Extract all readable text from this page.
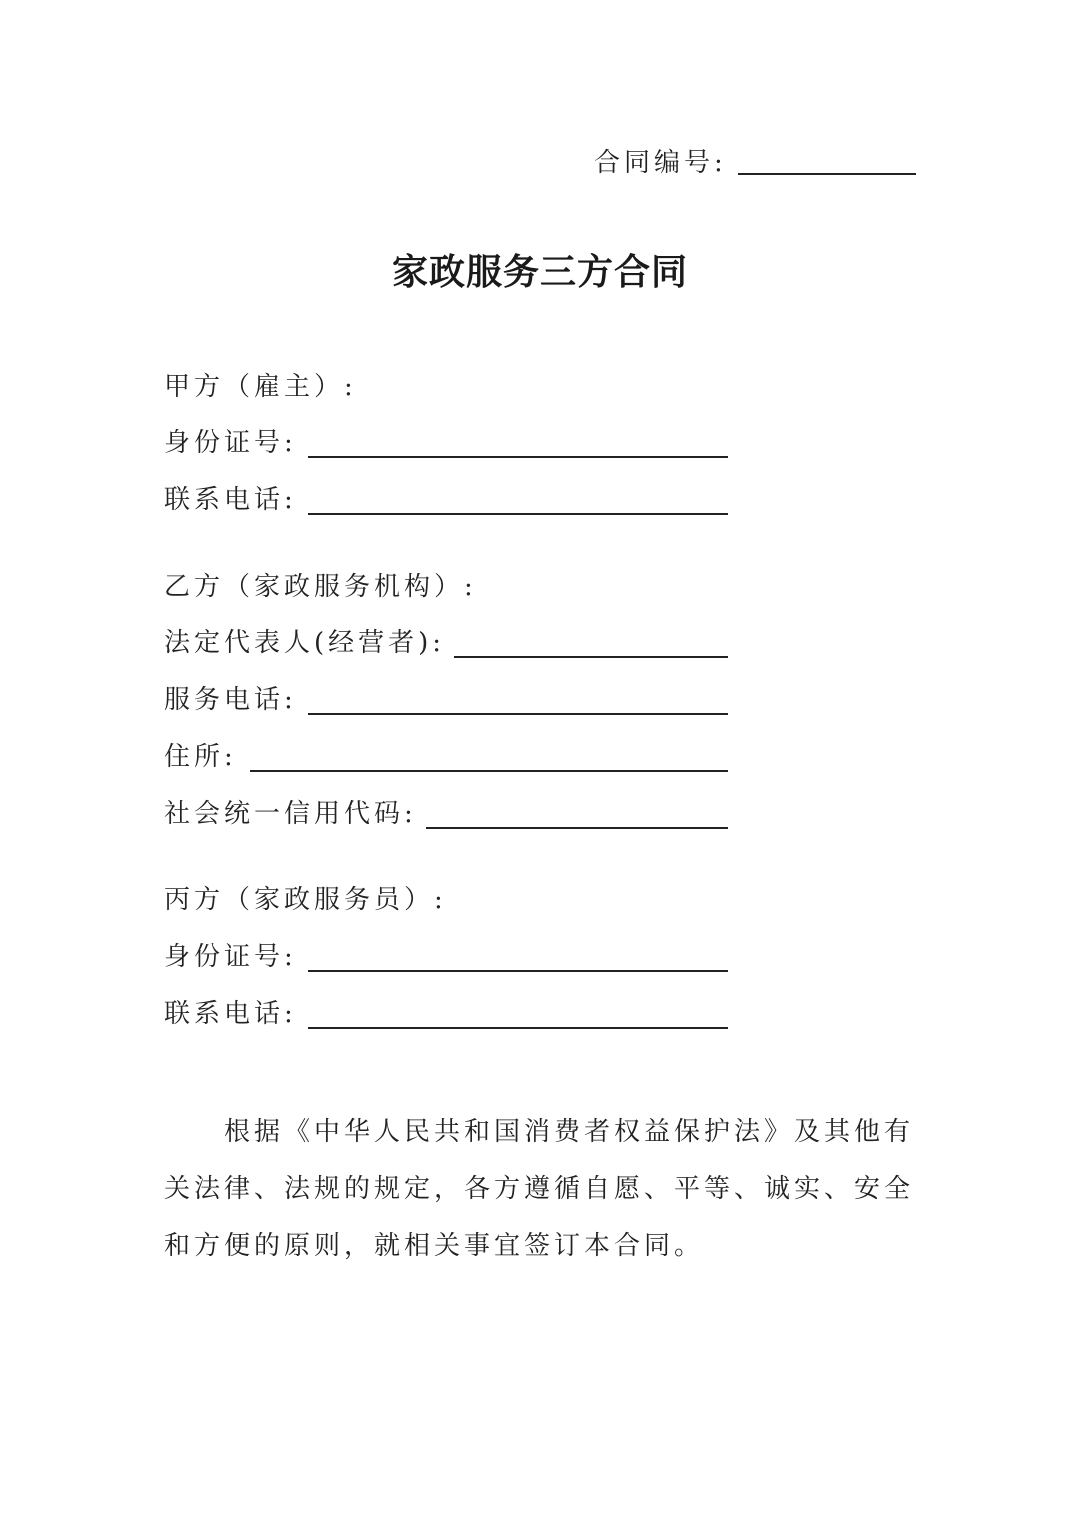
合同编号:
家政服务三方合同
甲方（雇主）:
身份证号:
联系电话:
乙方（家政服务机构）:
法定代表人(经营者):
服务电话:
住所:
社会统一信用代码:
丙方（家政服务员）:
身份证号:
联系电话:

根据《中华人民共和国消费者权益保护法》及其他有关法律、法规的规定，各方遵循自愿、平等、诚实、安全和方便的原则，就相关事宜签订本合同。
